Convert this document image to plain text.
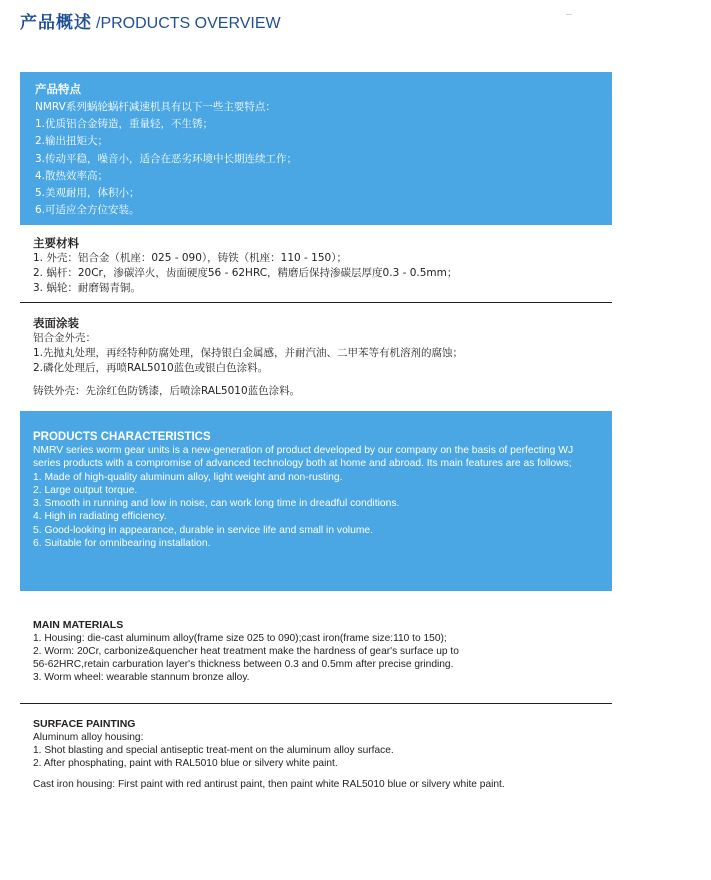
产品概述 /PRODUCTS OVERVIEW
产品特点
NMRV系列蜗轮蜗杆减速机具有以下一些主要特点：
1.优质铝合金铸造，重量轻，不生锈；
2.输出扭矩大；
3.传动平稳，噪音小，适合在恶劣环境中长期连续工作；
4.散热效率高；
5.美观耐用，体积小；
6.可适应全方位安装。
主要材料
1. 外壳：铝合金（机座：025 - 090），铸铁（机座：110 - 150）；
2. 蜗杆：20Cr，渗碳淬火，齿面硬度56 - 62HRC，精磨后保持渗碳层厚度0.3 - 0.5mm；
3. 蜗轮：耐磨锡青铜。
表面涂装
铝合金外壳：
1.先抛丸处理，再经特种防腐处理，保持银白金属感，并耐汽油、二甲苯等有机溶剂的腐蚀；
2.磷化处理后，再喷RAL5010蓝色或银白色涂料。
铸铁外壳：先涂红色防锈漆，后喷涂RAL5010蓝色涂料。
PRODUCTS CHARACTERISTICS
NMRV series worm gear units is a new-generation of product developed by our company on the basis of perfecting WJ series products with a compromise of advanced technology both at home and abroad. Its main features are as follows;
1. Made of high-quality aluminum alloy, light weight and non-rusting.
2. Large output torque.
3. Smooth in running and low in noise, can work long time in dreadful conditions.
4. High in radiating efficiency.
5. Good-looking in appearance, durable in service life and small in volume.
6. Suitable for omnibearing installation.
MAIN MATERIALS
1. Housing: die-cast aluminum alloy(frame size 025 to 090);cast iron(frame size:110 to 150);
2. Worm: 20Cr, carbonize&quencher heat treatment make the hardness of gear's surface up to
56-62HRC,retain carburation layer's thickness between 0.3 and 0.5mm after precise grinding.
3. Worm wheel: wearable stannum bronze alloy.
SURFACE PAINTING
Aluminum alloy housing:
1. Shot blasting and special antiseptic treat-ment on the aluminum alloy surface.
2. After phosphating, paint with RAL5010 blue or silvery white paint.
Cast iron housing: First paint with red antirust paint, then paint white RAL5010 blue or silvery white paint.
